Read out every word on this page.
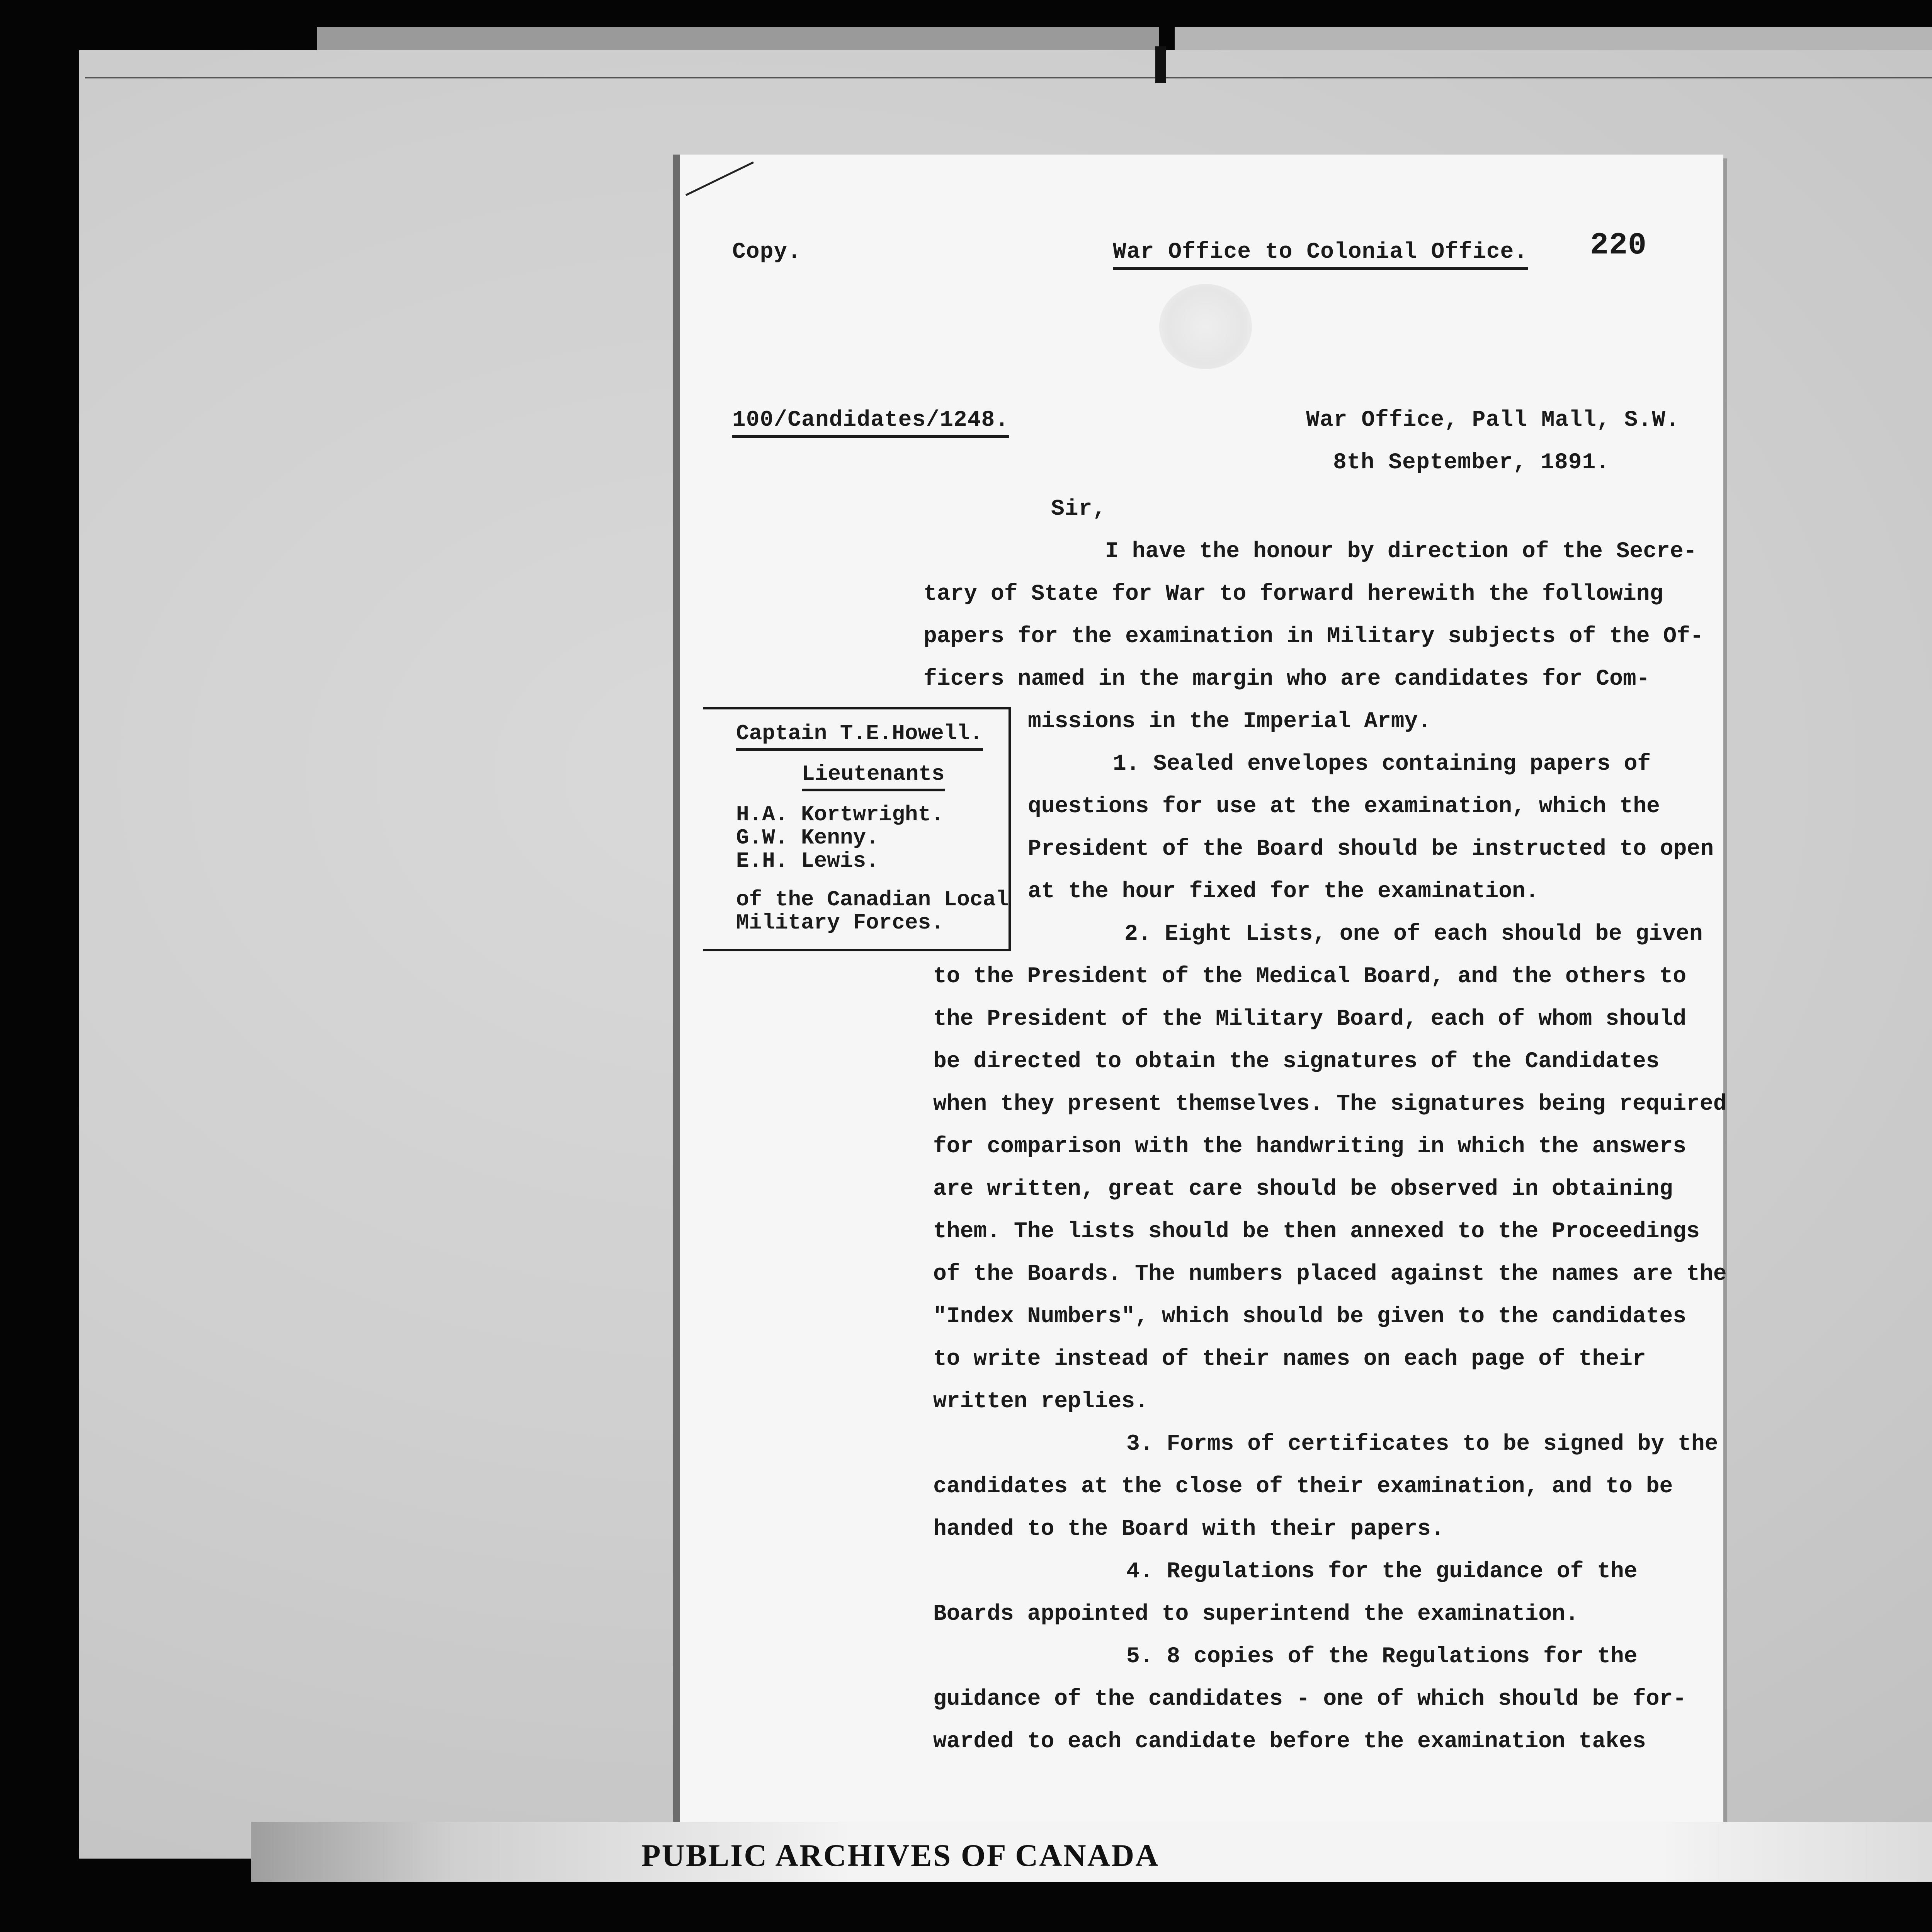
Copy.	War Office to Colonial Office. 220
100/Candidates/1248.	War Office, Pall Mall, S.W.
8th September, 1891.
Sir,
I have the honour by direction of the Secre-
tary of State for War to forward herewith the following
papers for the examination in Military subjects of the Of-
ficers named in the margin who are candidates for Com-
missions in the Imperial Army.
1. Sealed envelopes containing papers of
questions for use at the examination, which the
President of the Board should be instructed to open
at the hour fixed for the examination.
2. Eight Lists, one of each should be given
to the President of the Medical Board, and the others to
the President of the Military Board, each of whom should
be directed to obtain the signatures of the Candidates
when they present themselves. The signatures being required
for comparison with the handwriting in which the answers
are written, great care should be observed in obtaining
them. The lists should be then annexed to the Proceedings
of the Boards. The numbers placed against the names are the
"Index Numbers", which should be given to the candidates
to write instead of their names on each page of their
written replies.
3. Forms of certificates to be signed by the
candidates at the close of their examination, and to be
handed to the Board with their papers.
4. Regulations for the guidance of the
Boards appointed to superintend the examination.
5. 8 copies of the Regulations for the
guidance of the candidates - one of which should be for-
warded to each candidate before the examination takes
Captain T.E.Howell.
Lieutenants
H.A. Kortwright.
G.W. Kenny.
E.H. Lewis.
of the Canadian Local
Military Forces.
PUBLIC ARCHIVES OF CANADA
